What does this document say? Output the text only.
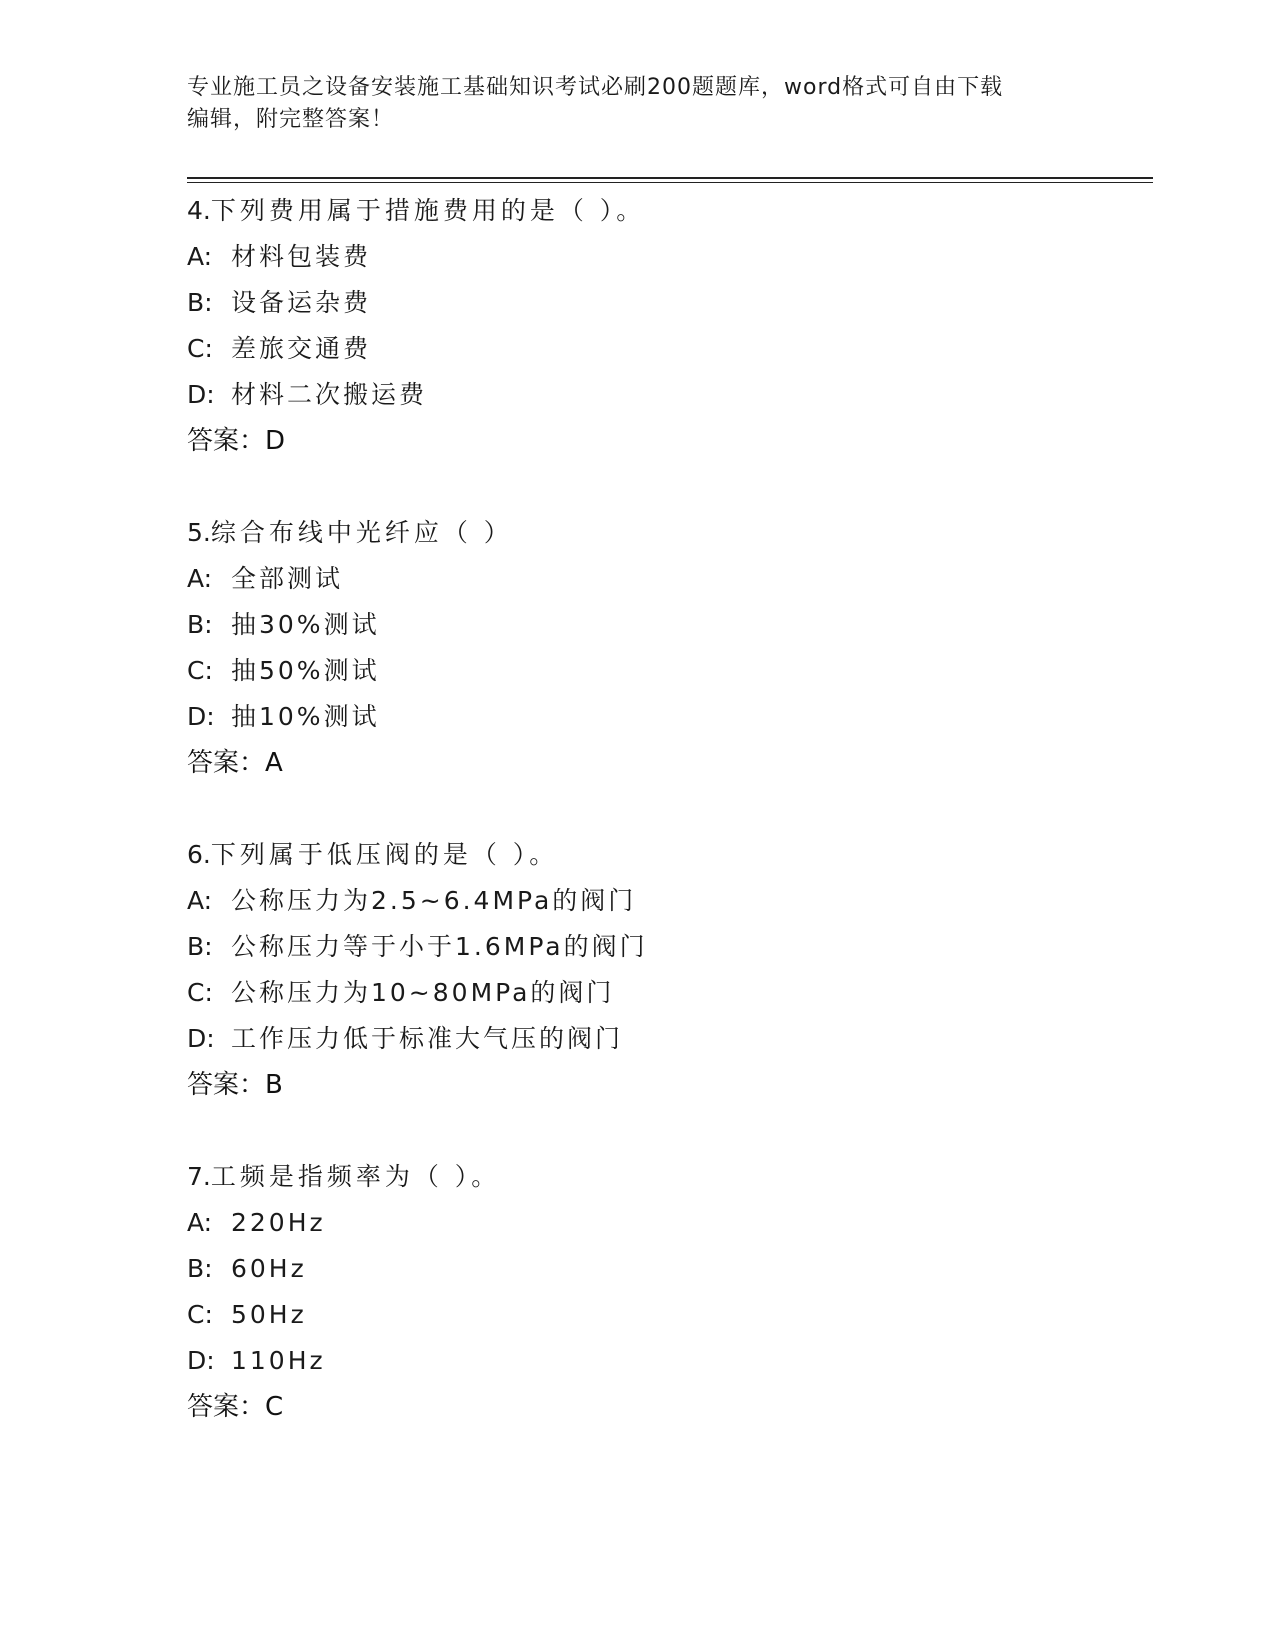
专业施工员之设备安装施工基础知识考试必刷200题题库，word格式可自由下载
编辑，附完整答案！
4.下列费用属于措施费用的是（ ）。
A: 材料包装费
B: 设备运杂费
C: 差旅交通费
D: 材料二次搬运费
答案：D
5.综合布线中光纤应（ ）
A: 全部测试
B: 抽30%测试
C: 抽50%测试
D: 抽10%测试
答案：A
6.下列属于低压阀的是（ ）。
A: 公称压力为2.5~6.4MPa的阀门
B: 公称压力等于小于1.6MPa的阀门
C: 公称压力为10~80MPa的阀门
D: 工作压力低于标准大气压的阀门
答案：B
7.工频是指频率为（ ）。
A: 220Hz
B: 60Hz
C: 50Hz
D: 110Hz
答案：C
